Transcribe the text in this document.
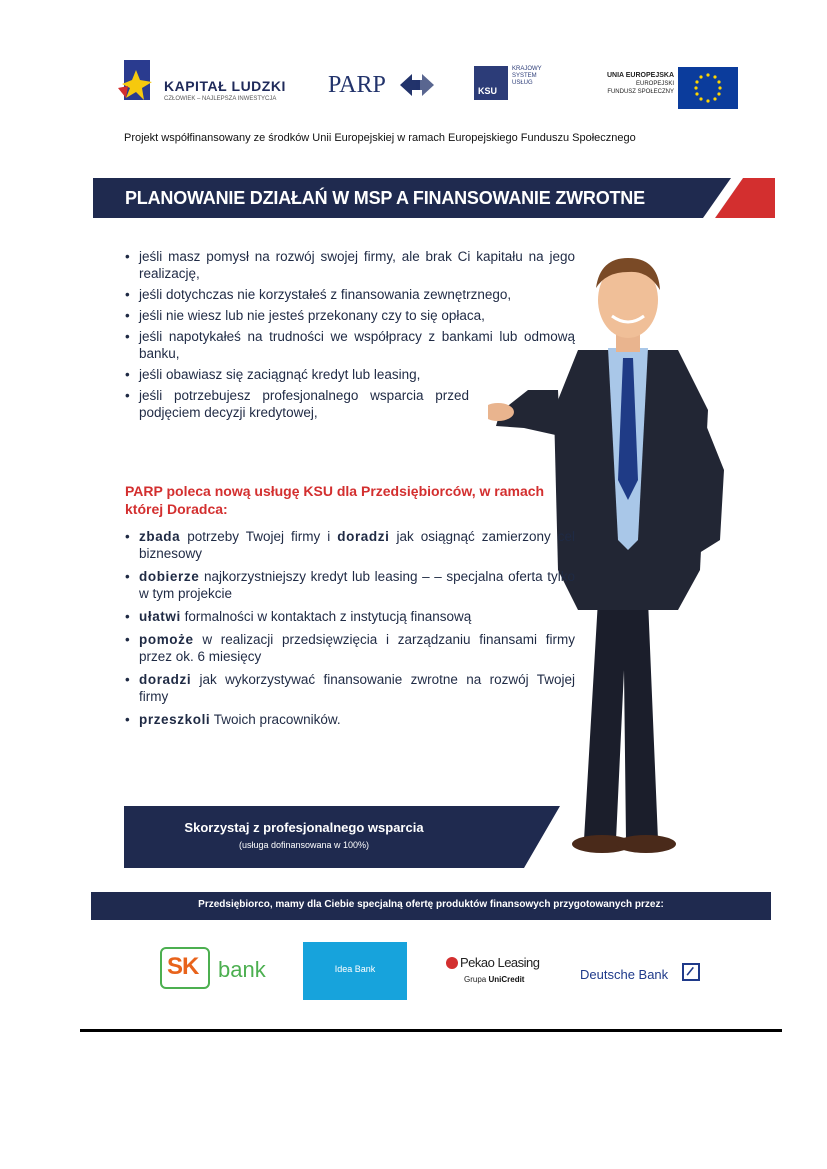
KAPITAŁ LUDZKI
CZŁOWIEK – NAJLEPSZA INWESTYCJA
PARP	KSU
KRAJOWY
SYSTEM
USŁUG
UNIA EUROPEJSKA
EUROPEJSKI
FUNDUSZ SPOŁECZNY
Projekt współfinansowany ze środków Unii Europejskiej w ramach Europejskiego Funduszu Społecznego
PLANOWANIE DZIAŁAŃ W MSP A FINANSOWANIE ZWROTNE
• jeśli masz pomysł na rozwój swojej firmy, ale brak Ci kapitału na jego realizację,
• jeśli dotychczas nie korzystałeś z finansowania zewnętrznego,
• jeśli nie wiesz lub nie jesteś przekonany czy to się opłaca,
• jeśli napotykałeś na trudności we współpracy z bankami lub odmową banku,
• jeśli obawiasz się zaciągnąć kredyt lub leasing,
• jeśli potrzebujesz profesjonalnego wsparcia przed podjęciem decyzji kredytowej,
PARP poleca nową usługę KSU dla Przedsiębiorców, w ramach której Doradca:
• zbada potrzeby Twojej firmy i doradzi jak osiągnąć zamierzony cel biznesowy
• dobierze najkorzystniejszy kredyt lub leasing – – specjalna oferta tylko w tym projekcie
• ułatwi formalności w kontaktach z instytucją finansową
• pomoże w realizacji przedsięwzięcia i zarządzaniu finansami firmy przez ok. 6 miesięcy
• doradzi jak wykorzystywać finansowanie zwrotne na rozwój Twojej firmy
• przeszkoli Twoich pracowników.
Skorzystaj z profesjonalnego wsparcia
(usługa dofinansowana w 100%)
Przedsiębiorco, mamy dla Ciebie specjalną ofertę produktów finansowych przygotowanych przez:
SK bank	Idea Bank	Pekao Leasing
Grupa UniCredit	Deutsche Bank
